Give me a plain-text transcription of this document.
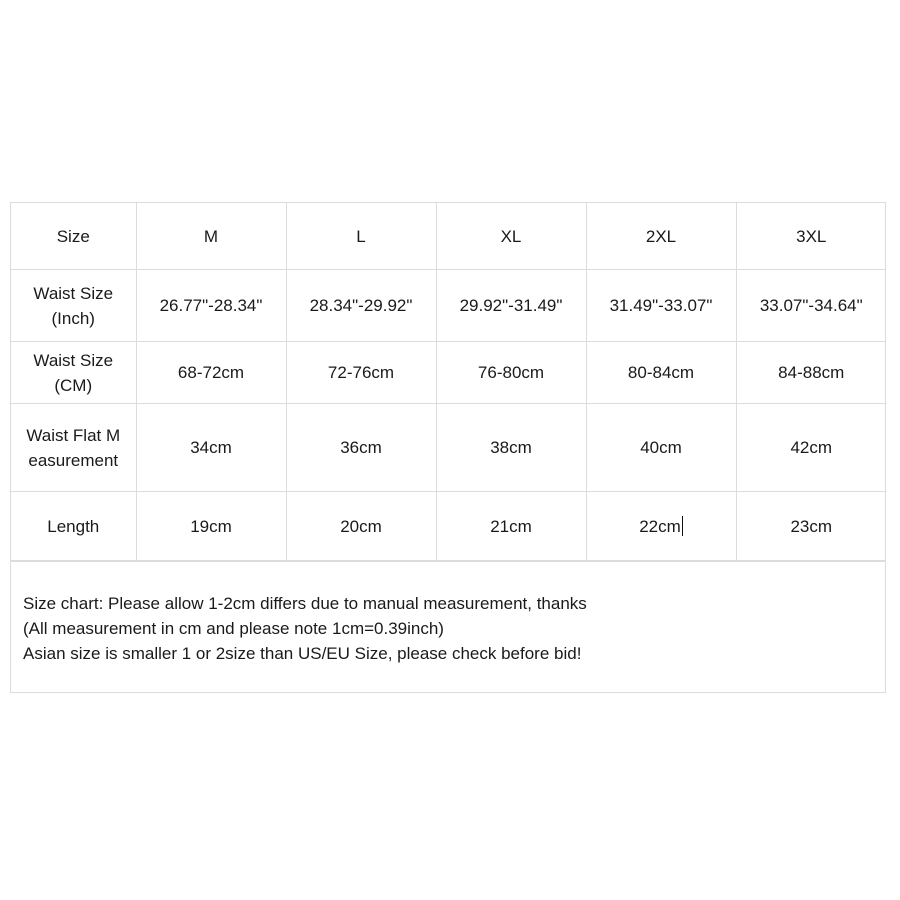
Size	M	L	XL	2XL	3XL
Waist Size (Inch)	26.77"-28.34"	28.34"-29.92"	29.92"-31.49"	31.49"-33.07"	33.07"-34.64"
Waist Size (CM)	68-72cm	72-76cm	76-80cm	80-84cm	84-88cm
Waist Flat Measurement	34cm	36cm	38cm	40cm	42cm
Length	19cm	20cm	21cm	22cm	23cm

Size chart: Please allow 1-2cm differs due to manual measurement, thanks

(All measurement in cm and please note 1cm=0.39inch)

Asian size is smaller 1 or 2size than US/EU Size, please check before bid!
